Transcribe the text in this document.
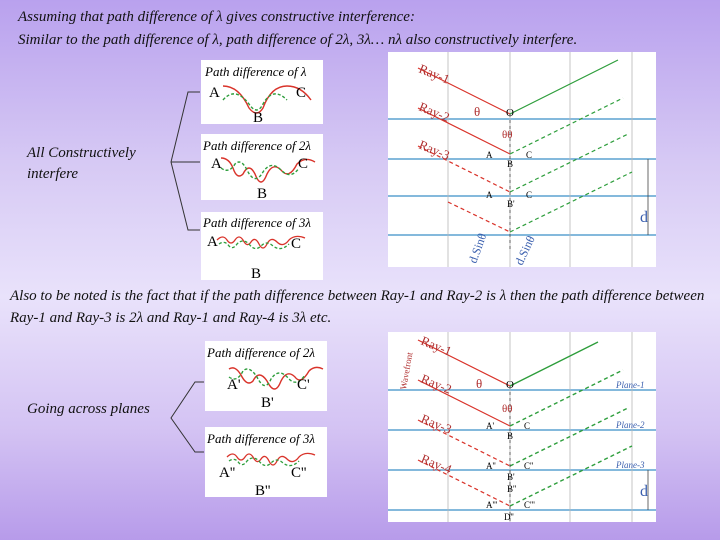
Assuming that path difference of λ gives constructive interference:
Similar to the path difference of λ, path difference of 2λ, 3λ… nλ also constructively interfere.
All Constructively interfere
Path difference of λ
A	C
B
Path difference of 2λ
A	C
B
Path difference of 3λ
A	C
B
Ray-1
Ray-2
Ray-3
θ O
θθ
A
B
C
A
B'
C
d
d.Sinθ d.Sinθ
Also to be noted is the fact that if the path difference between Ray-1 and Ray-2 is λ then the path difference between Ray-1 and Ray-3 is 2λ and Ray-1 and Ray-4 is 3λ etc.
Going across planes
Path difference of 2λ
A'	C'
B'
Path difference of 3λ
A''	C''
B''
Wavefront
Ray-1
Ray-2
Ray-3
Ray-4
θ O
θθ
Plane-1
Plane-2
Plane-3
A'
B
C
A''
B'
C''
B''
A'''	C'''
D''
d
